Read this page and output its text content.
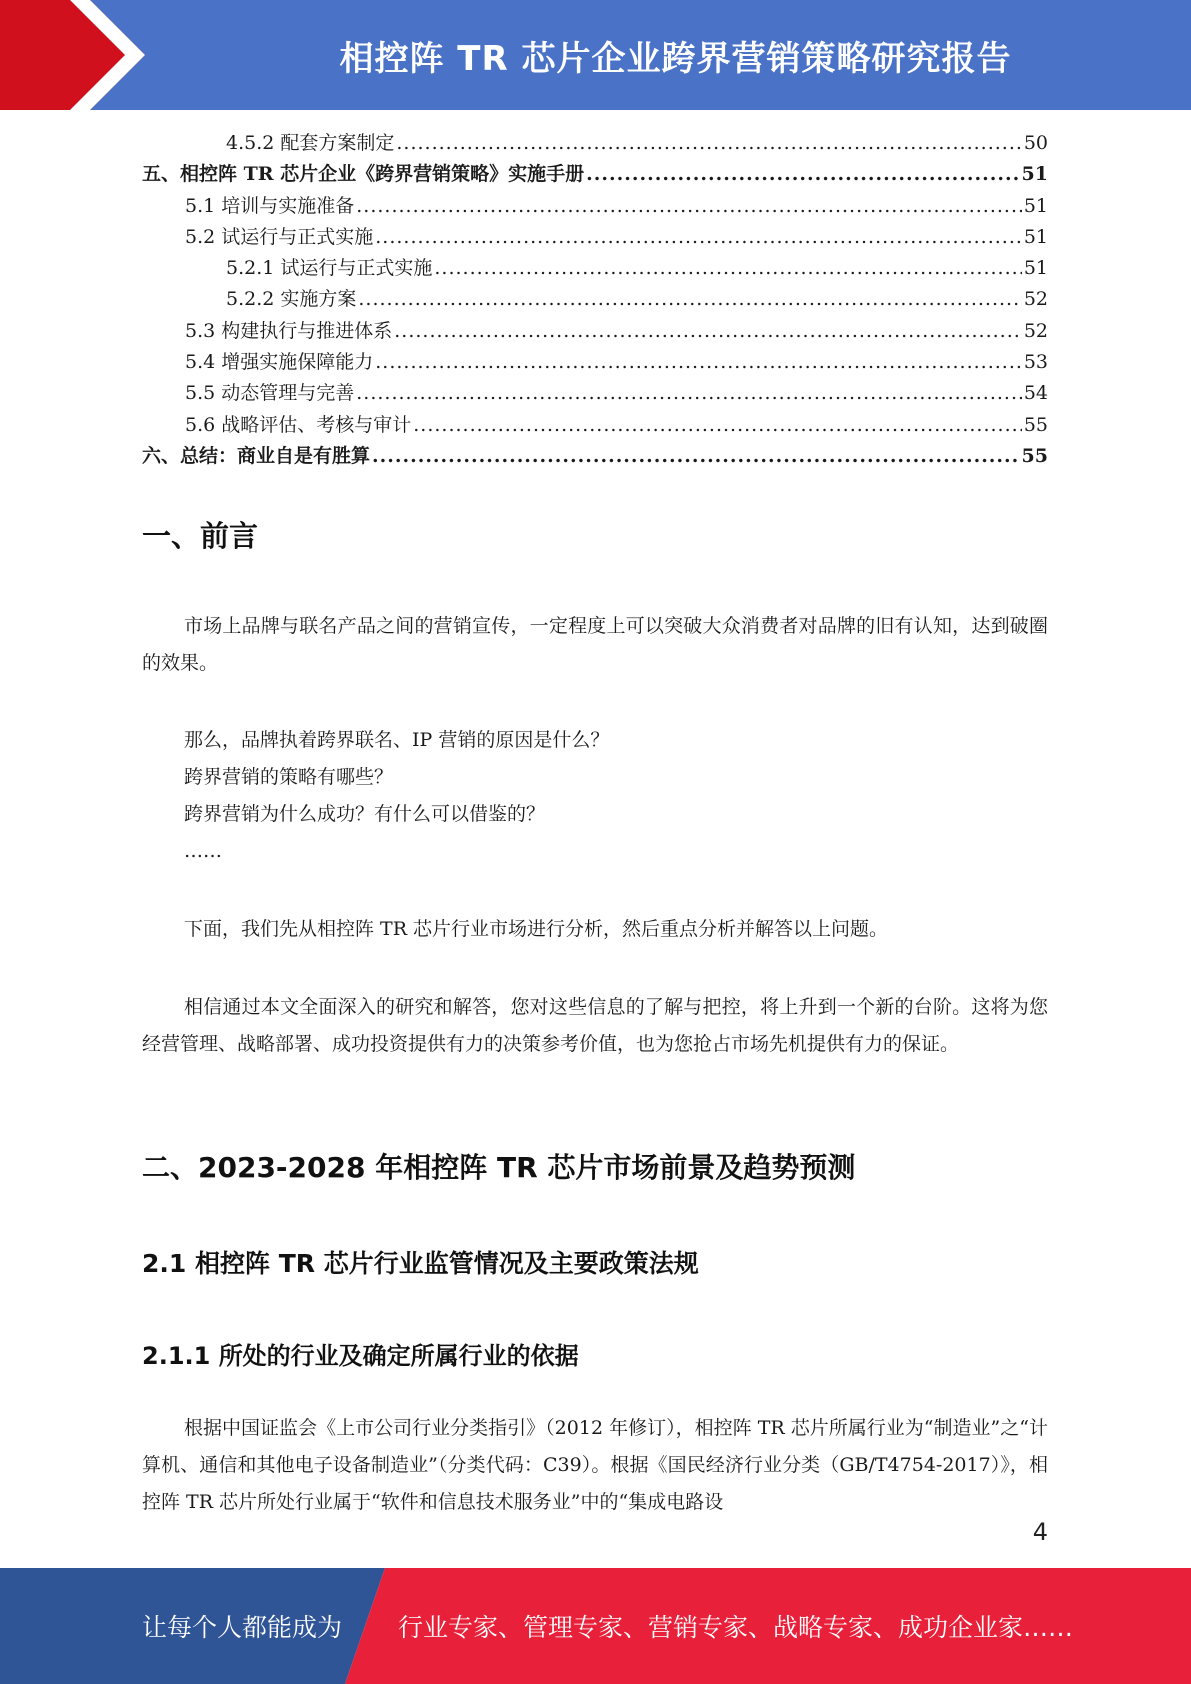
相控阵 TR 芯片企业跨界营销策略研究报告
4.5.2 配套方案制定 .....	50
五、相控阵 TR 芯片企业《跨界营销策略》实施手册 .....	51
5.1 培训与实施准备 .....	51
5.2 试运行与正式实施 .....	51
5.2.1 试运行与正式实施 .....	51
5.2.2 实施方案 .....	52
5.3 构建执行与推进体系 .....	52
5.4 增强实施保障能力 .....	53
5.5 动态管理与完善 .....	54
5.6 战略评估、考核与审计 .....	55
六、总结：商业自是有胜算 .....	55
一、前言

市场上品牌与联名产品之间的营销宣传，一定程度上可以突破大众消费者对品牌的旧有认知，达到破圈的效果。

那么，品牌执着跨界联名、IP 营销的原因是什么？
跨界营销的策略有哪些？
跨界营销为什么成功？有什么可以借鉴的？
……

下面，我们先从相控阵 TR 芯片行业市场进行分析，然后重点分析并解答以上问题。

相信通过本文全面深入的研究和解答，您对这些信息的了解与把控，将上升到一个新的台阶。这将为您经营管理、战略部署、成功投资提供有力的决策参考价值，也为您抢占市场先机提供有力的保证。

二、2023-2028 年相控阵 TR 芯片市场前景及趋势预测
2.1 相控阵 TR 芯片行业监管情况及主要政策法规
2.1.1 所处的行业及确定所属行业的依据

根据中国证监会《上市公司行业分类指引》（2012 年修订），相控阵 TR 芯片所属行业为“制造业”之“计算机、通信和其他电子设备制造业”（分类代码：C39）。根据《国民经济行业分类（GB/T4754-2017）》，相控阵 TR 芯片所处行业属于“软件和信息技术服务业”中的“集成电路设

4
让每个人都能成为 行业专家、管理专家、营销专家、战略专家、成功企业家……
